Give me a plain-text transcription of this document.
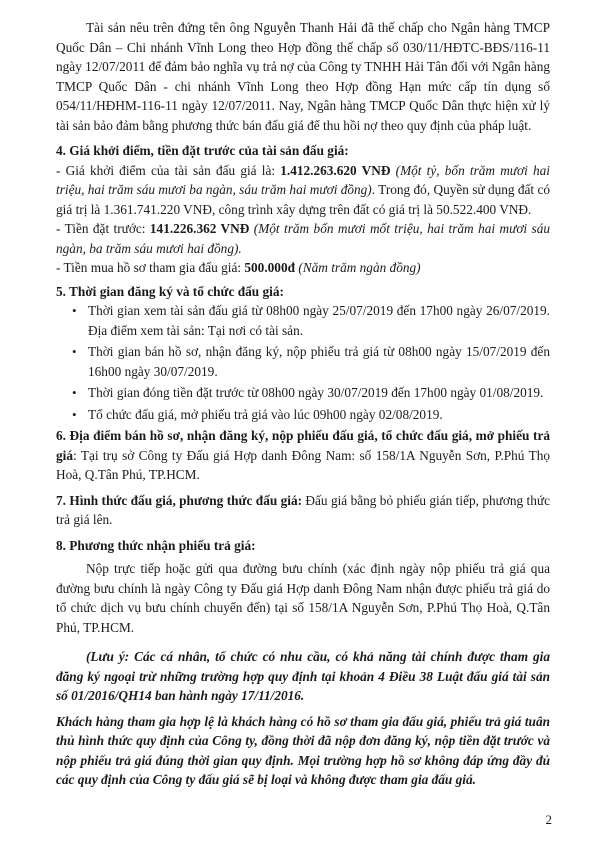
Tài sản nêu trên đứng tên ông Nguyễn Thanh Hải đã thế chấp cho Ngân hàng TMCP Quốc Dân – Chi nhánh Vĩnh Long theo Hợp đồng thế chấp số 030/11/HĐTC-BĐS/116-11 ngày 12/07/2011 để đảm bảo nghĩa vụ trả nợ của Công ty TNHH Hải Tân đối với Ngân hàng TMCP Quốc Dân - chi nhánh Vĩnh Long theo Hợp đồng Hạn mức cấp tín dụng số 054/11/HĐHM-116-11 ngày 12/07/2011. Nay, Ngân hàng TMCP Quốc Dân thực hiện xử lý tài sản bảo đảm bằng phương thức bán đấu giá để thu hồi nợ theo quy định của pháp luật.

4. Giá khởi điểm, tiền đặt trước của tài sản đấu giá:

- Giá khởi điểm của tài sản đấu giá là: 1.412.263.620 VNĐ (Một tỷ, bốn trăm mươi hai triệu, hai trăm sáu mươi ba ngàn, sáu trăm hai mươi đồng). Trong đó, Quyền sử dụng đất có giá trị là 1.361.741.220 VNĐ, công trình xây dựng trên đất có giá trị là 50.522.400 VNĐ.

- Tiền đặt trước: 141.226.362 VNĐ (Một trăm bốn mươi mốt triệu, hai trăm hai mươi sáu ngàn, ba trăm sáu mươi hai đồng).

- Tiền mua hồ sơ tham gia đấu giá: 500.000đ (Năm trăm ngàn đồng)

5. Thời gian đăng ký và tổ chức đấu giá:
• Thời gian xem tài sản đấu giá từ 08h00 ngày 25/07/2019 đến 17h00 ngày 26/07/2019. Địa điểm xem tài sản: Tại nơi có tài sản.
• Thời gian bán hồ sơ, nhận đăng ký, nộp phiếu trả giá từ 08h00 ngày 15/07/2019 đến 16h00 ngày 30/07/2019.
• Thời gian đóng tiền đặt trước từ 08h00 ngày 30/07/2019 đến 17h00 ngày 01/08/2019.
• Tổ chức đấu giá, mở phiếu trả giá vào lúc 09h00 ngày 02/08/2019.

6. Địa điểm bán hồ sơ, nhận đăng ký, nộp phiếu đấu giá, tổ chức đấu giá, mở phiếu trả giá: Tại trụ sở Công ty Đấu giá Hợp danh Đông Nam: số 158/1A Nguyễn Sơn, P.Phú Thọ Hoà, Q.Tân Phú, TP.HCM.

7. Hình thức đấu giá, phương thức đấu giá: Đấu giá bằng bỏ phiếu gián tiếp, phương thức trả giá lên.

8. Phương thức nhận phiếu trả giá:

Nộp trực tiếp hoặc gửi qua đường bưu chính (xác định ngày nộp phiếu trả giá qua đường bưu chính là ngày Công ty Đấu giá Hợp danh Đông Nam nhận được phiếu trả giá do tổ chức dịch vụ bưu chính chuyển đến) tại số 158/1A Nguyễn Sơn, P.Phú Thọ Hoà, Q.Tân Phú, TP.HCM.

(Lưu ý: Các cá nhân, tổ chức có nhu cầu, có khả năng tài chính được tham gia đăng ký ngoại trừ những trường hợp quy định tại khoản 4 Điều 38 Luật đấu giá tài sản số 01/2016/QH14 ban hành ngày 17/11/2016.

Khách hàng tham gia hợp lệ là khách hàng có hồ sơ tham gia đấu giá, phiếu trả giá tuân thủ hình thức quy định của Công ty, đồng thời đã nộp đơn đăng ký, nộp tiền đặt trước và nộp phiếu trả giá đúng thời gian quy định. Mọi trường hợp hồ sơ không đáp ứng đầy đủ các quy định của Công ty đấu giá sẽ bị loại và không được tham gia đấu giá.

2
